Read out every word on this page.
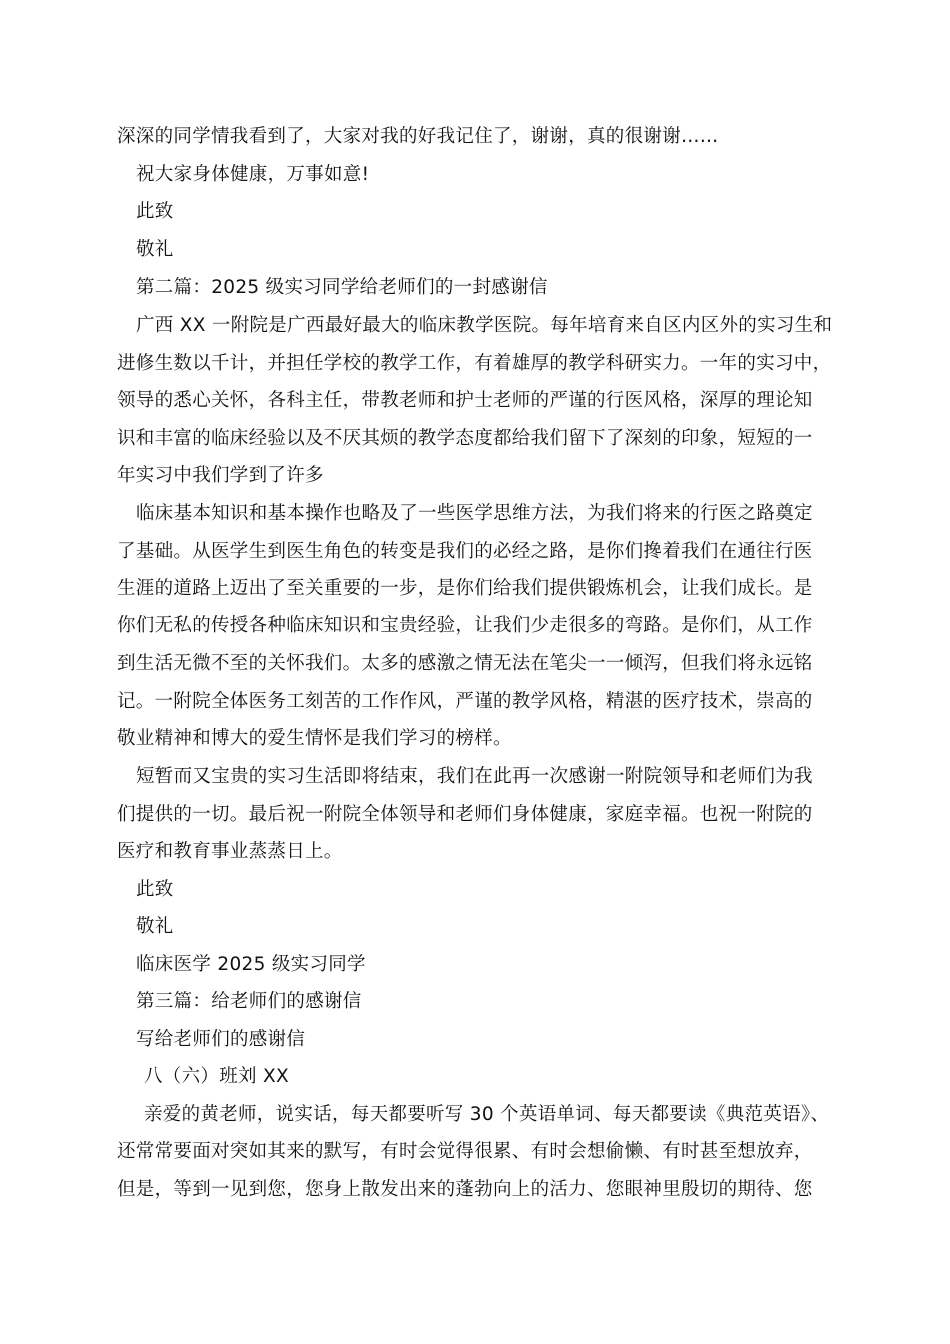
深深的同学情我看到了，大家对我的好我记住了，谢谢，真的很谢谢……

祝大家身体健康，万事如意!

此致

敬礼

第二篇：2025 级实习同学给老师们的一封感谢信

广西 XX 一附院是广西最好最大的临床教学医院。每年培育来自区内区外的实习生和

进修生数以千计，并担任学校的教学工作，有着雄厚的教学科研实力。一年的实习中，

领导的悉心关怀，各科主任，带教老师和护士老师的严谨的行医风格，深厚的理论知

识和丰富的临床经验以及不厌其烦的教学态度都给我们留下了深刻的印象，短短的一

年实习中我们学到了许多

临床基本知识和基本操作也略及了一些医学思维方法，为我们将来的行医之路奠定

了基础。从医学生到医生角色的转变是我们的必经之路，是你们搀着我们在通往行医

生涯的道路上迈出了至关重要的一步，是你们给我们提供锻炼机会，让我们成长。是

你们无私的传授各种临床知识和宝贵经验，让我们少走很多的弯路。是你们，从工作

到生活无微不至的关怀我们。太多的感激之情无法在笔尖一一倾泻，但我们将永远铭

记。一附院全体医务工刻苦的工作作风，严谨的教学风格，精湛的医疗技术，崇高的

敬业精神和博大的爱生情怀是我们学习的榜样。

短暂而又宝贵的实习生活即将结束，我们在此再一次感谢一附院领导和老师们为我

们提供的一切。最后祝一附院全体领导和老师们身体健康，家庭幸福。也祝一附院的

医疗和教育事业蒸蒸日上。

此致

敬礼

临床医学 2025 级实习同学

第三篇：给老师们的感谢信

写给老师们的感谢信

八（六）班刘 XX

亲爱的黄老师，说实话，每天都要听写 30 个英语单词、每天都要读《典范英语》、

还常常要面对突如其来的默写，有时会觉得很累、有时会想偷懒、有时甚至想放弃，

但是，等到一见到您，您身上散发出来的蓬勃向上的活力、您眼神里殷切的期待、您
